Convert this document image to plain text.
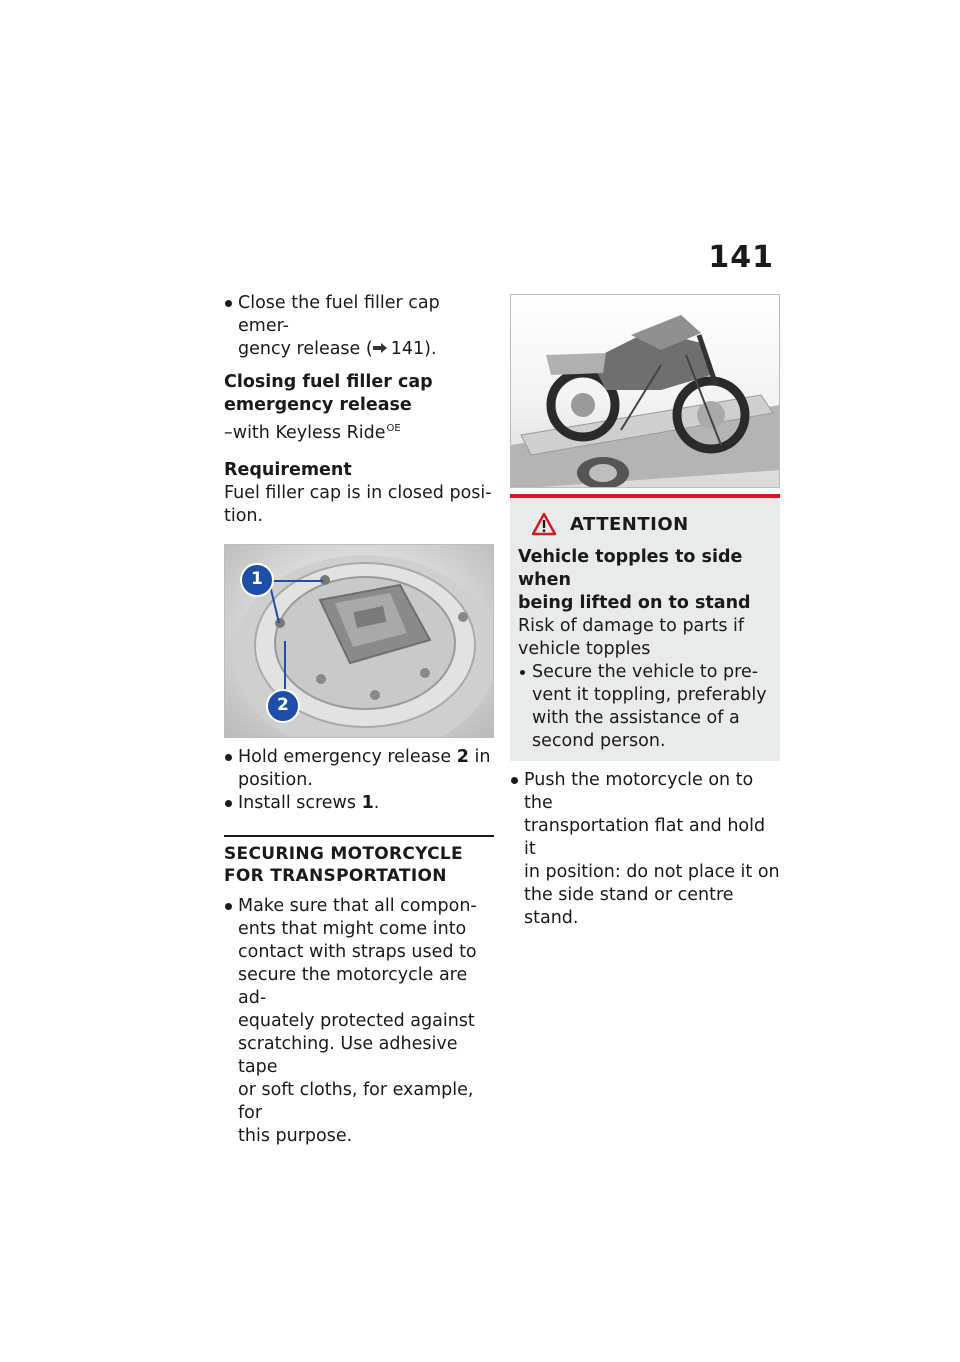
141

Close the fuel filler cap emer-
gency release ( 141).

Closing fuel filler cap
emergency release
–with Keyless Ride$^{OE}$
Requirement
Fuel filler cap is in closed posi-
tion.
1
2

Hold emergency release 2 in
position.

Install screws 1.

SECURING MOTORCYCLE
FOR TRANSPORTATION

Make sure that all compon-
ents that might come into
contact with straps used to
secure the motorcycle are ad-
equately protected against
scratching. Use adhesive tape
or soft cloths, for example, for
this purpose.

ATTENTION
Vehicle topples to side when
being lifted on to stand
Risk of damage to parts if
vehicle topples

Secure the vehicle to pre-
vent it toppling, preferably
with the assistance of a
second person.

Push the motorcycle on to the
transportation flat and hold it
in position: do not place it on
the side stand or centre stand.
